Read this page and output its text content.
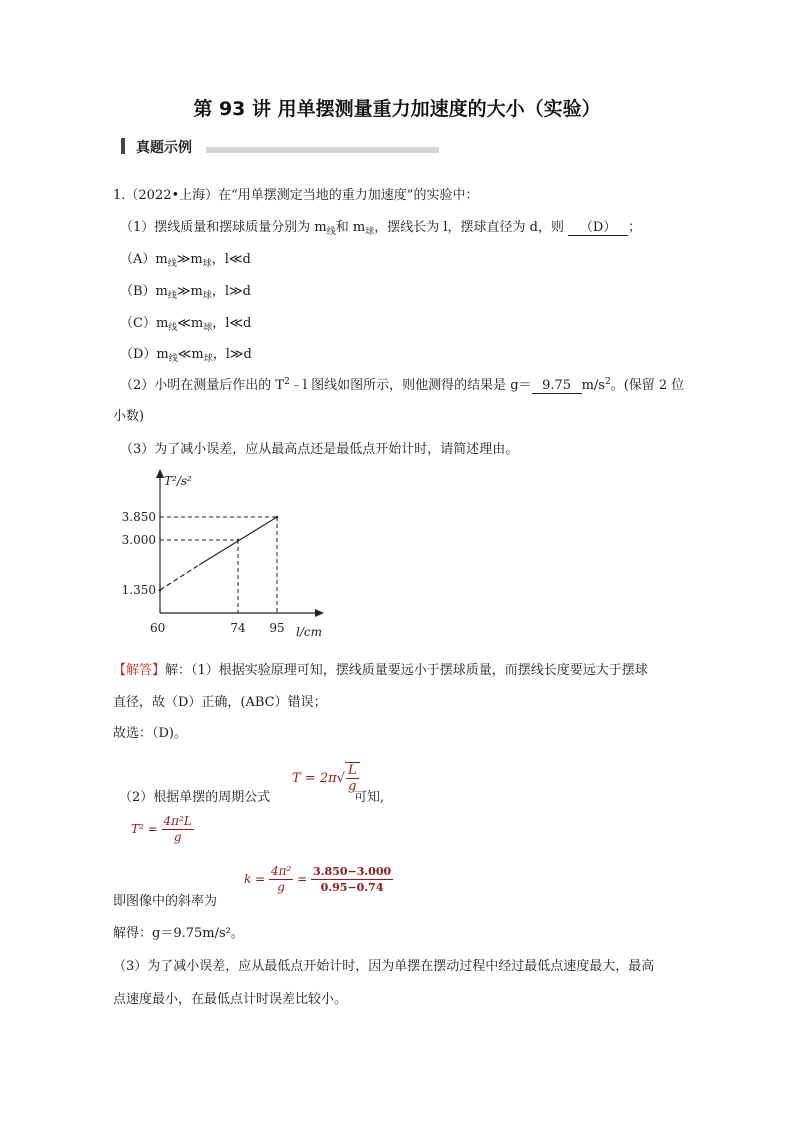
第 93 讲 用单摆测量重力加速度的大小（实验）
真题示例
1.（2022•上海）在“用单摆测定当地的重力加速度”的实验中：
（1）摆线质量和摆球质量分别为 $m_线$和 $m_球$，摆线长为 l，摆球直径为 d，则 （D） ；
$(A)m_线≫m_球$，l≪d
$(B)m_线≫m_球$，l≫d
$(C)m_线≪m_球$，l≪d
$(D)m_线≪m_球$，l≫d
（2）小明在测量后作出的 $T^2﹣l$ 图线如图所示，则他测得的结果是 g＝ 9.75 $m/s^2$。(保留 2 位
小数)
（3）为了减小误差，应从最高点还是最低点开始计时，请简述理由。
3.850
3.000
1.350
60	74 95
T²/s²
l/cm
【解答】解：（1）根据实验原理可知，摆线质量要远小于摆球质量，而摆线长度要远大于摆球
直径，故（D）正确，(ABC）错误；
故选：（D)。
（2）根据单摆的周期公式
$T = 2\pi√ \frac{L}{g}$
可知,
$T^2 = \frac{\text{4π²L}}{g}$
$k = \frac{\text{4π²}}{g} = \frac{3.850-3.000}{0.95-0.74}$
即图像中的斜率为
解得：g＝9.75m/s²。
（3）为了减小误差，应从最低点开始计时，因为单摆在摆动过程中经过最低点速度最大，最高
点速度最小，在最低点计时误差比较小。
